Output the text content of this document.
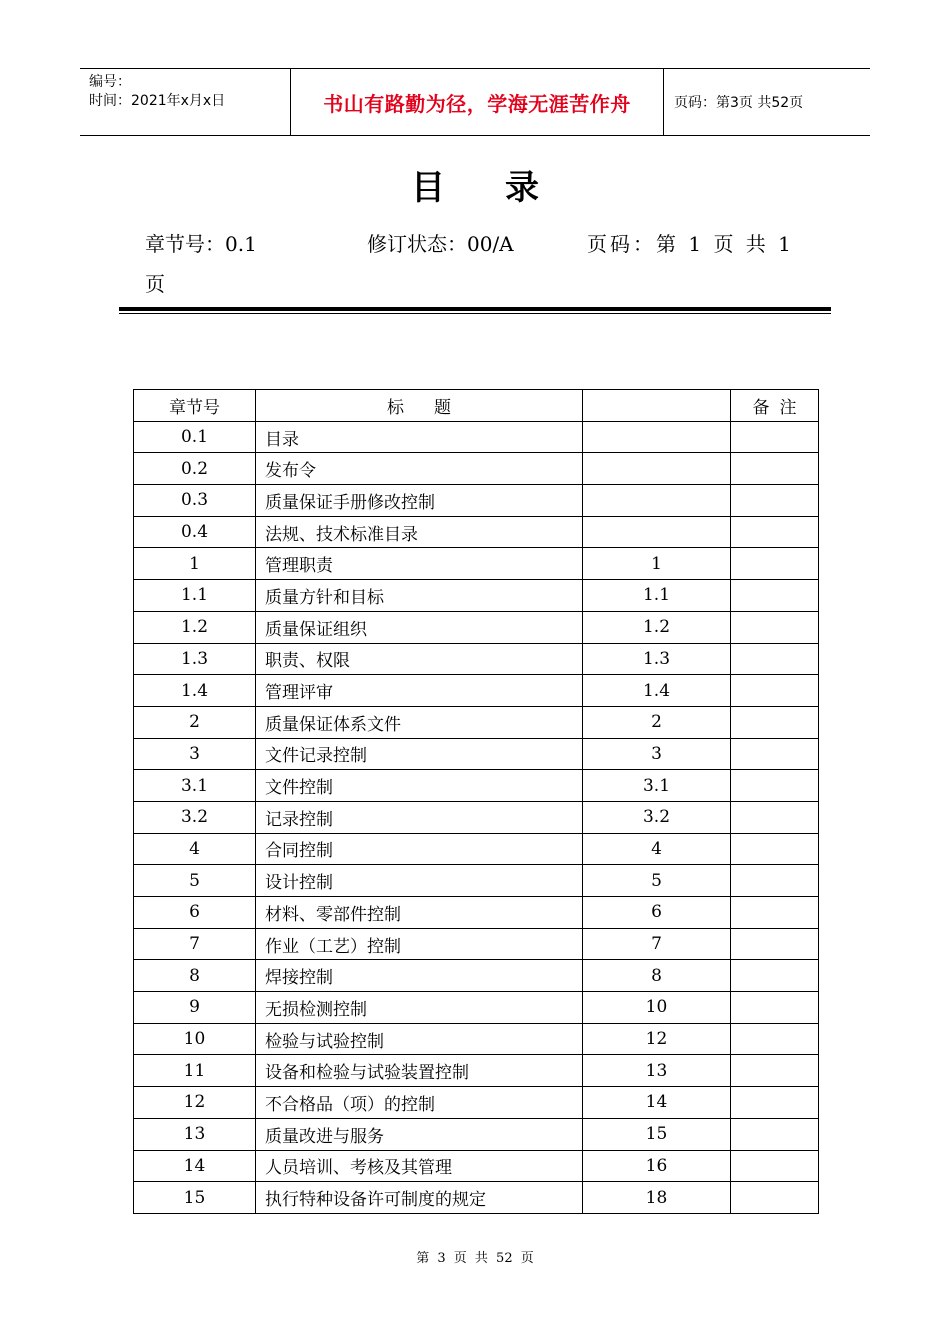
编号：
时间：2021年x月x日	书山有路勤为径，学海无涯苦作舟	页码：第3页 共52页
目 录
章节号：0.1	修订状态：00/A	页码：第 1 页 共 1
页
章节号	标题		备注
0.1	目录		
0.2	发布令		
0.3	质量保证手册修改控制		
0.4	法规、技术标准目录		
1	管理职责	1	
1.1	质量方针和目标	1.1	
1.2	质量保证组织	1.2	
1.3	职责、权限	1.3	
1.4	管理评审	1.4	
2	质量保证体系文件	2	
3	文件记录控制	3	
3.1	文件控制	3.1	
3.2	记录控制	3.2	
4	合同控制	4	
5	设计控制	5	
6	材料、零部件控制	6	
7	作业（工艺）控制	7	
8	焊接控制	8	
9	无损检测控制	10	
10	检验与试验控制	12	
11	设备和检验与试验装置控制	13	
12	不合格品（项）的控制	14	
13	质量改进与服务	15	
14	人员培训、考核及其管理	16	
15	执行特种设备许可制度的规定	18	
第 3 页 共 52 页
